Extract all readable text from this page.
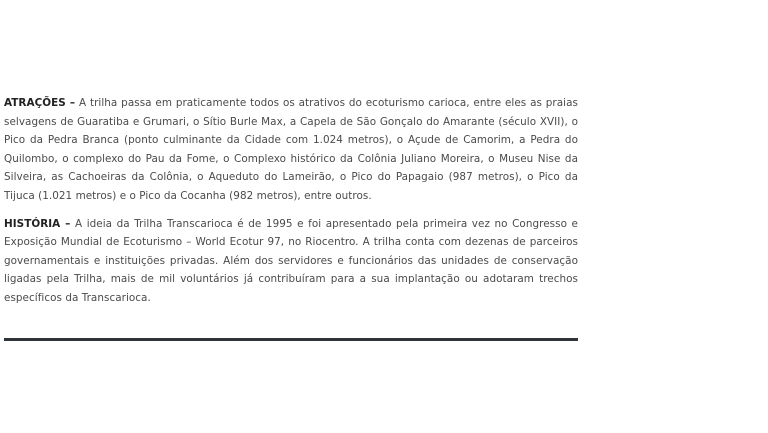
ATRAÇÕES – A trilha passa em praticamente todos os atrativos do ecoturismo carioca, entre eles as praias selvagens de Guaratiba e Grumari, o Sítio Burle Max, a Capela de São Gonçalo do Amarante (século XVII), o Pico da Pedra Branca (ponto culminante da Cidade com 1.024 metros), o Açude de Camorim, a Pedra do Quilombo, o complexo do Pau da Fome, o Complexo histórico da Colônia Juliano Moreira, o Museu Nise da Silveira, as Cachoeiras da Colônia, o Aqueduto do Lameirão, o Pico do Papagaio (987 metros), o Pico da Tijuca (1.021 metros) e o Pico da Cocanha (982 metros), entre outros.

HISTÓRIA – A ideia da Trilha Transcarioca é de 1995 e foi apresentado pela primeira vez no Congresso e Exposição Mundial de Ecoturismo – World Ecotur 97, no Riocentro. A trilha conta com dezenas de parceiros governamentais e instituições privadas. Além dos servidores e funcionários das unidades de conservação ligadas pela Trilha, mais de mil voluntários já contribuíram para a sua implantação ou adotaram trechos específicos da Transcarioca.
